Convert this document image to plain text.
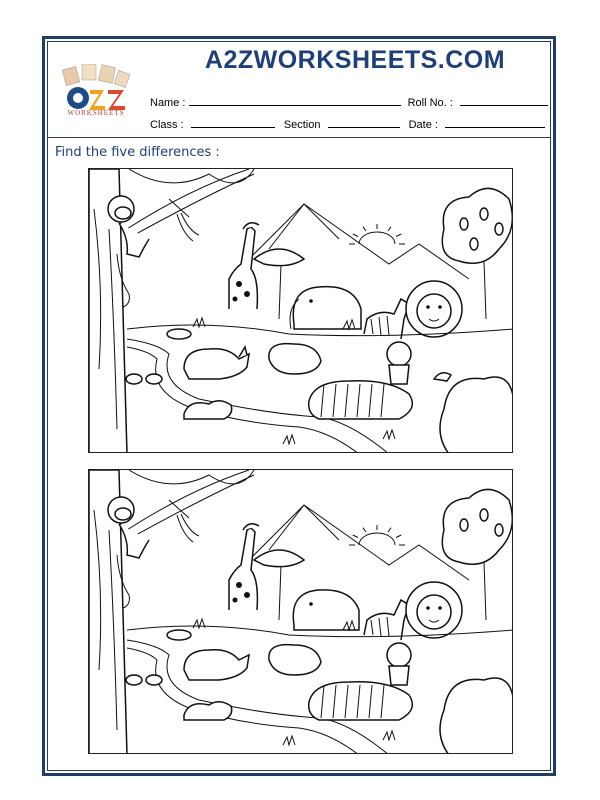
WORKSHEETS
A2ZWORKSHEETS.COM
Name :	Roll No. :
Class :	Section	Date :
Find the five differences :
